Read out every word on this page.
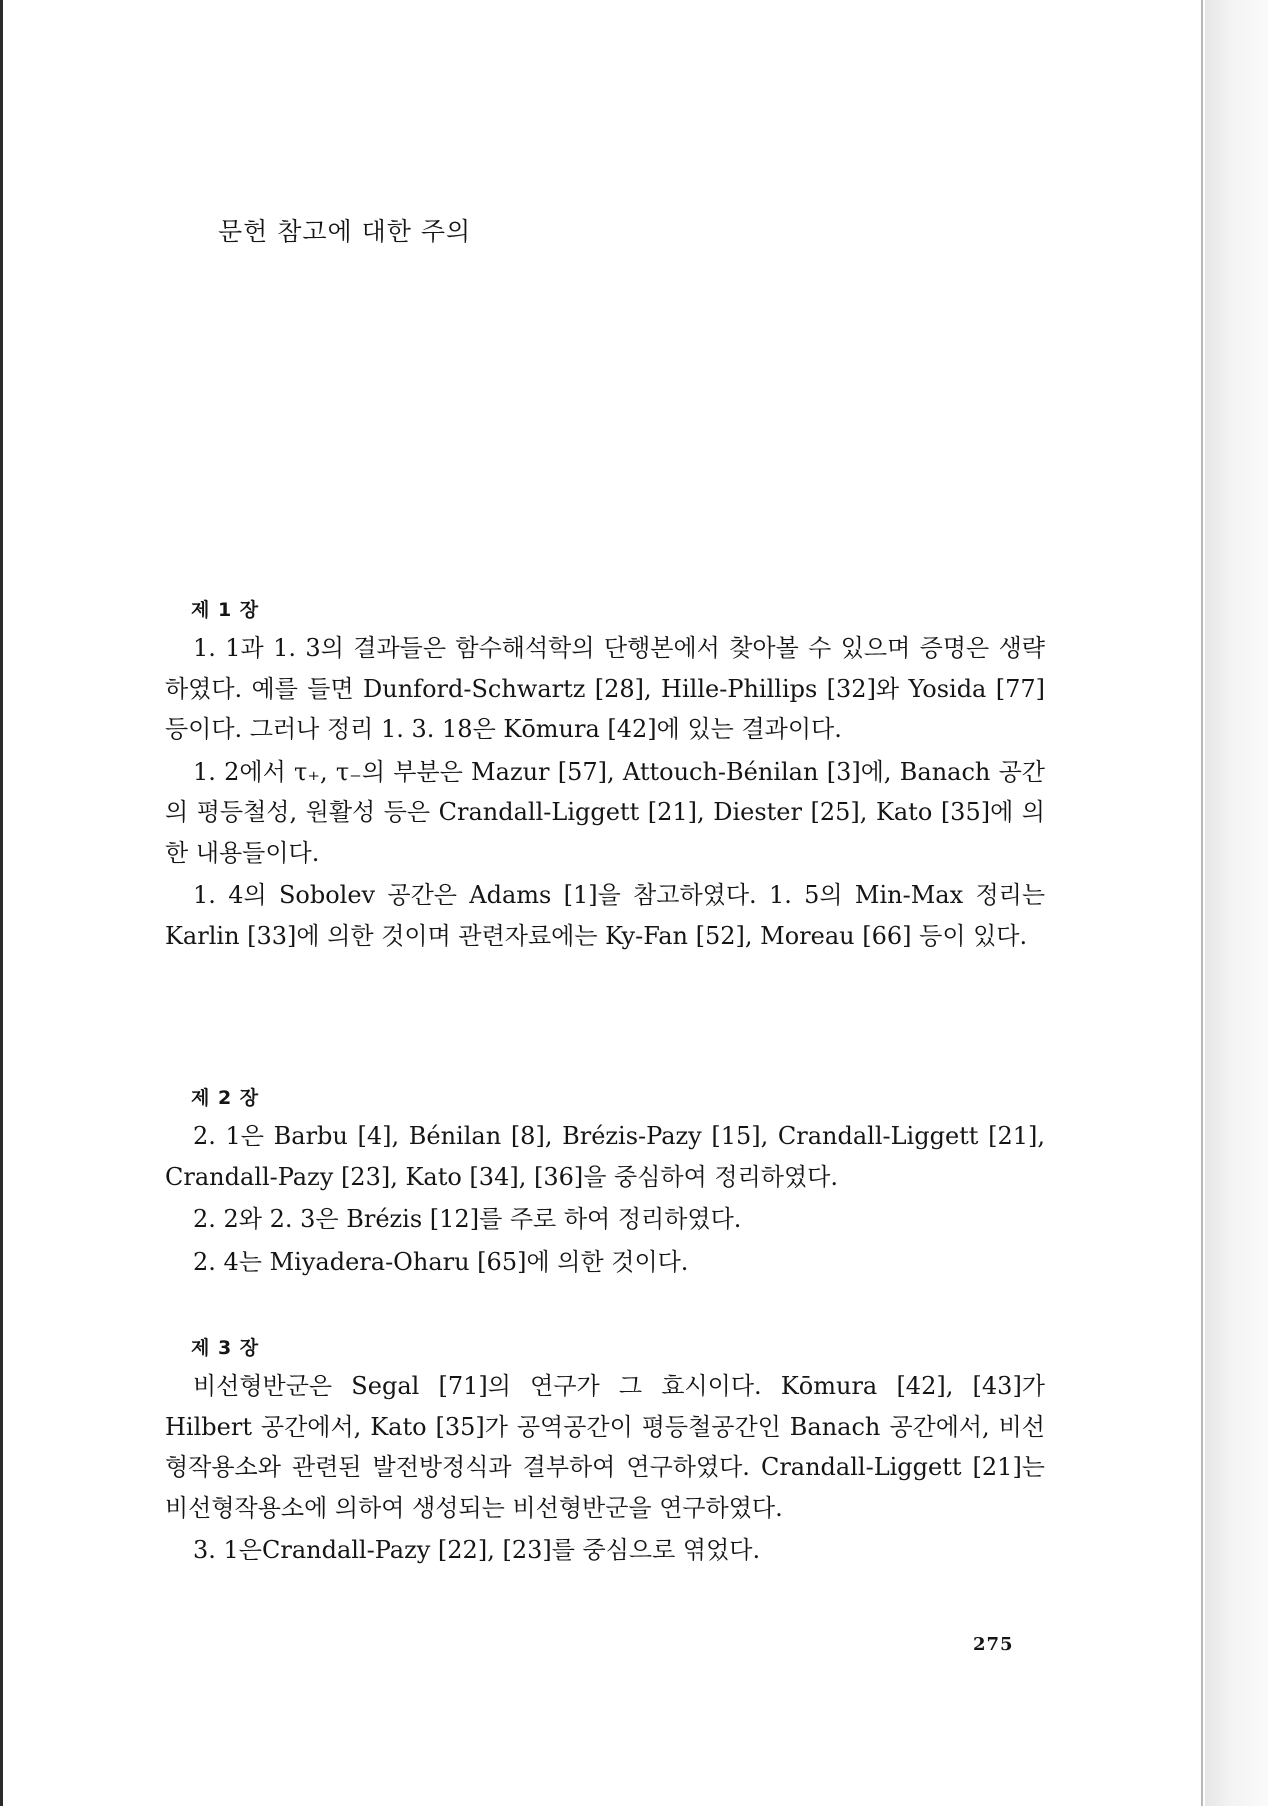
문헌 참고에 대한 주의
제 1 장

1. 1과 1. 3의 결과들은 함수해석학의 단행본에서 찾아볼 수 있으며 증명은 생략하였다. 예를 들면 Dunford-Schwartz [28], Hille-Phillips [32]와 Yosida [77] 등이다. 그러나 정리 1. 3. 18은 Kōmura [42]에 있는 결과이다.

1. 2에서 τ₊, τ₋의 부분은 Mazur [57], Attouch-Bénilan [3]에, Banach 공간의 평등철성, 원활성 등은 Crandall-Liggett [21], Diester [25], Kato [35]에 의한 내용들이다.

1. 4의 Sobolev 공간은 Adams [1]을 참고하였다. 1. 5의 Min-Max 정리는 Karlin [33]에 의한 것이며 관련자료에는 Ky-Fan [52], Moreau [66] 등이 있다.

제 2 장

2. 1은 Barbu [4], Bénilan [8], Brézis-Pazy [15], Crandall-Liggett [21], Crandall-Pazy [23], Kato [34], [36]을 중심하여 정리하였다.

2. 2와 2. 3은 Brézis [12]를 주로 하여 정리하였다.

2. 4는 Miyadera-Oharu [65]에 의한 것이다.

제 3 장

비선형반군은 Segal [71]의 연구가 그 효시이다. Kōmura [42], [43]가 Hilbert 공간에서, Kato [35]가 공역공간이 평등철공간인 Banach 공간에서, 비선형작용소와 관련된 발전방정식과 결부하여 연구하였다. Crandall-Liggett [21]는 비선형작용소에 의하여 생성되는 비선형반군을 연구하였다.

3. 1은Crandall-Pazy [22], [23]를 중심으로 엮었다.

275
